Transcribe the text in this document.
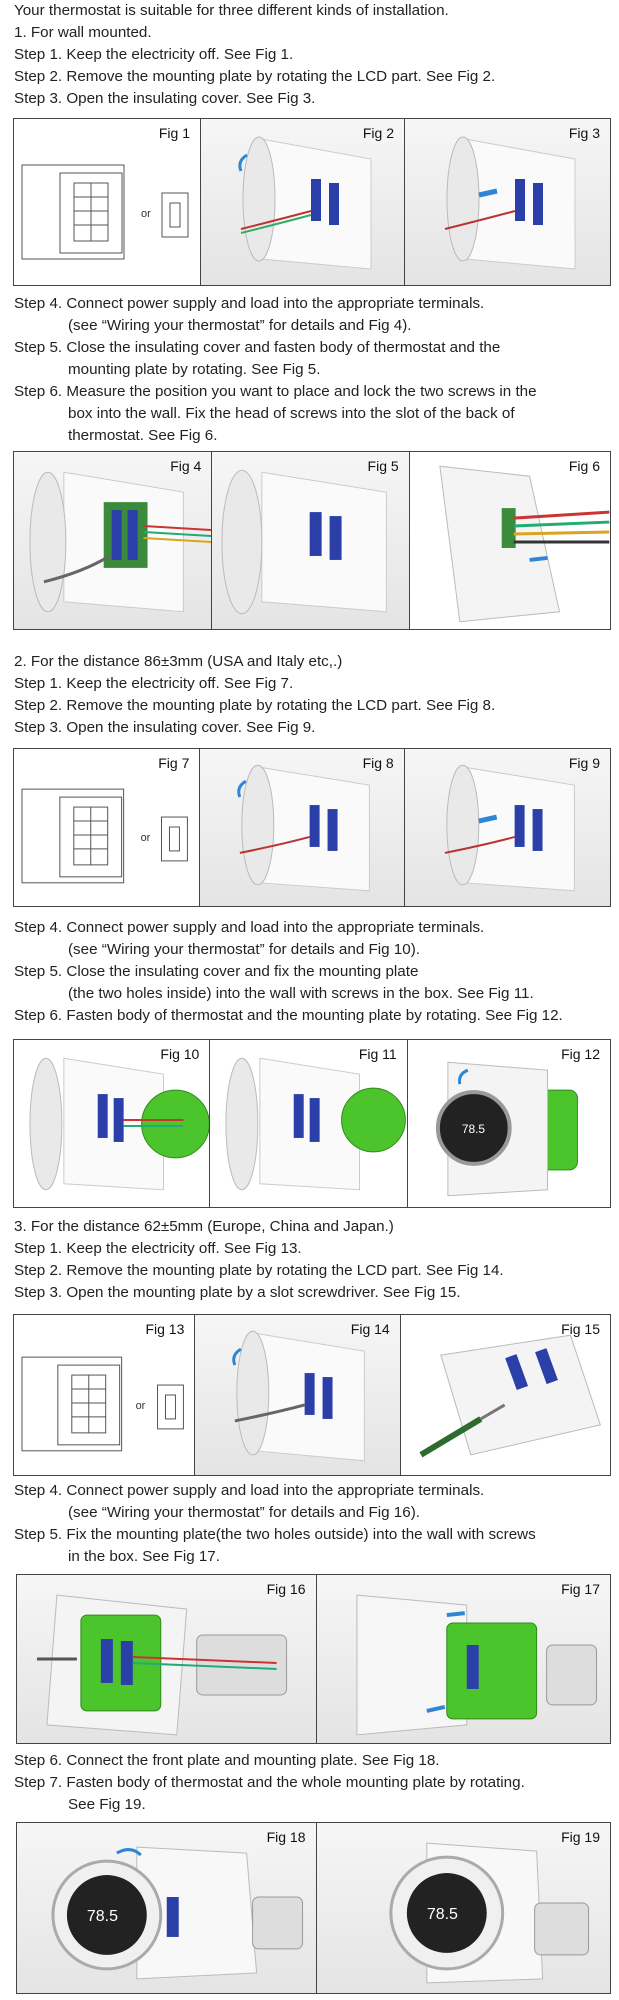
Your thermostat is suitable for three different kinds of installation.
1. For wall mounted.
Step 1. Keep the electricity off. See Fig 1.
Step 2. Remove the mounting plate by rotating the LCD part. See Fig 2.
Step 3. Open the insulating cover. See Fig 3.
Fig 1
or
Fig 2	Fig 3
Step 4. Connect power supply and load into the appropriate terminals.

(see “Wiring your thermostat” for details and Fig 4).
Step 5. Close the insulating cover and fasten body of thermostat and the

mounting plate by rotating. See Fig 5.
Step 6. Measure the position you want to place and lock the two screws in the

box into the wall. Fix the head of screws into the slot of the back of
thermostat. See Fig 6.
Fig 4	Fig 5	Fig 6
2. For the distance 86±3mm (USA and Italy etc,.)
Step 1. Keep the electricity off. See Fig 7.
Step 2. Remove the mounting plate by rotating the LCD part. See Fig 8.
Step 3. Open the insulating cover. See Fig 9.
Fig 7
or
Fig 8	Fig 9
Step 4. Connect power supply and load into the appropriate terminals.

(see “Wiring your thermostat” for details and Fig 10).
Step 5. Close the insulating cover and fix the mounting plate

(the two holes inside) into the wall with screws in the box. See Fig 11.
Step 6. Fasten body of thermostat and the mounting plate by rotating. See Fig 12.
Fig 10	Fig 11	Fig 12
78.5
3. For the distance 62±5mm (Europe, China and Japan.)
Step 1. Keep the electricity off. See Fig 13.
Step 2. Remove the mounting plate by rotating the LCD part. See Fig 14.
Step 3. Open the mounting plate by a slot screwdriver. See Fig 15.
Fig 13
or
Fig 14	Fig 15
Step 4. Connect power supply and load into the appropriate terminals.

(see “Wiring your thermostat” for details and Fig 16).
Step 5. Fix the mounting plate(the two holes outside) into the wall with screws

in the box. See Fig 17.
Fig 16	Fig 17
Step 6. Connect the front plate and mounting plate. See Fig 18.
Step 7. Fasten body of thermostat and the whole mounting plate by rotating.

See Fig 19.
Fig 18
78.5
Fig 19
78.5
